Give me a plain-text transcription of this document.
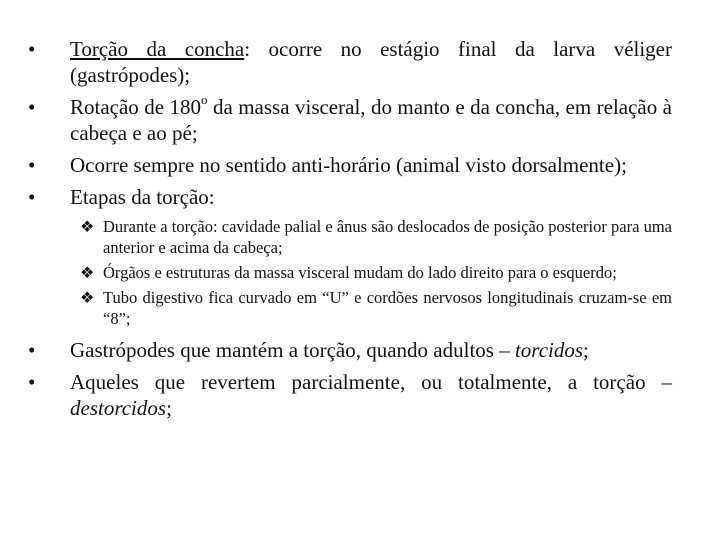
•	Torção da concha: ocorre no estágio final da larva véliger (gastrópodes);
•	Rotação de 180$^o$ da massa visceral, do manto e da concha, em relação à cabeça e ao pé;
•	Ocorre sempre no sentido anti-horário (animal visto dorsalmente);
•	Etapas da torção:
❖ Durante a torção: cavidade palial e ânus são deslocados de posição posterior para uma anterior e acima da cabeça;
❖ Órgãos e estruturas da massa visceral mudam do lado direito para o esquerdo;
❖ Tubo digestivo fica curvado em “U” e cordões nervosos longitudinais cruzam-se em “8”;
•	Gastrópodes que mantém a torção, quando adultos – torcidos;
•	Aqueles que revertem parcialmente, ou totalmente, a torção – destorcidos;
